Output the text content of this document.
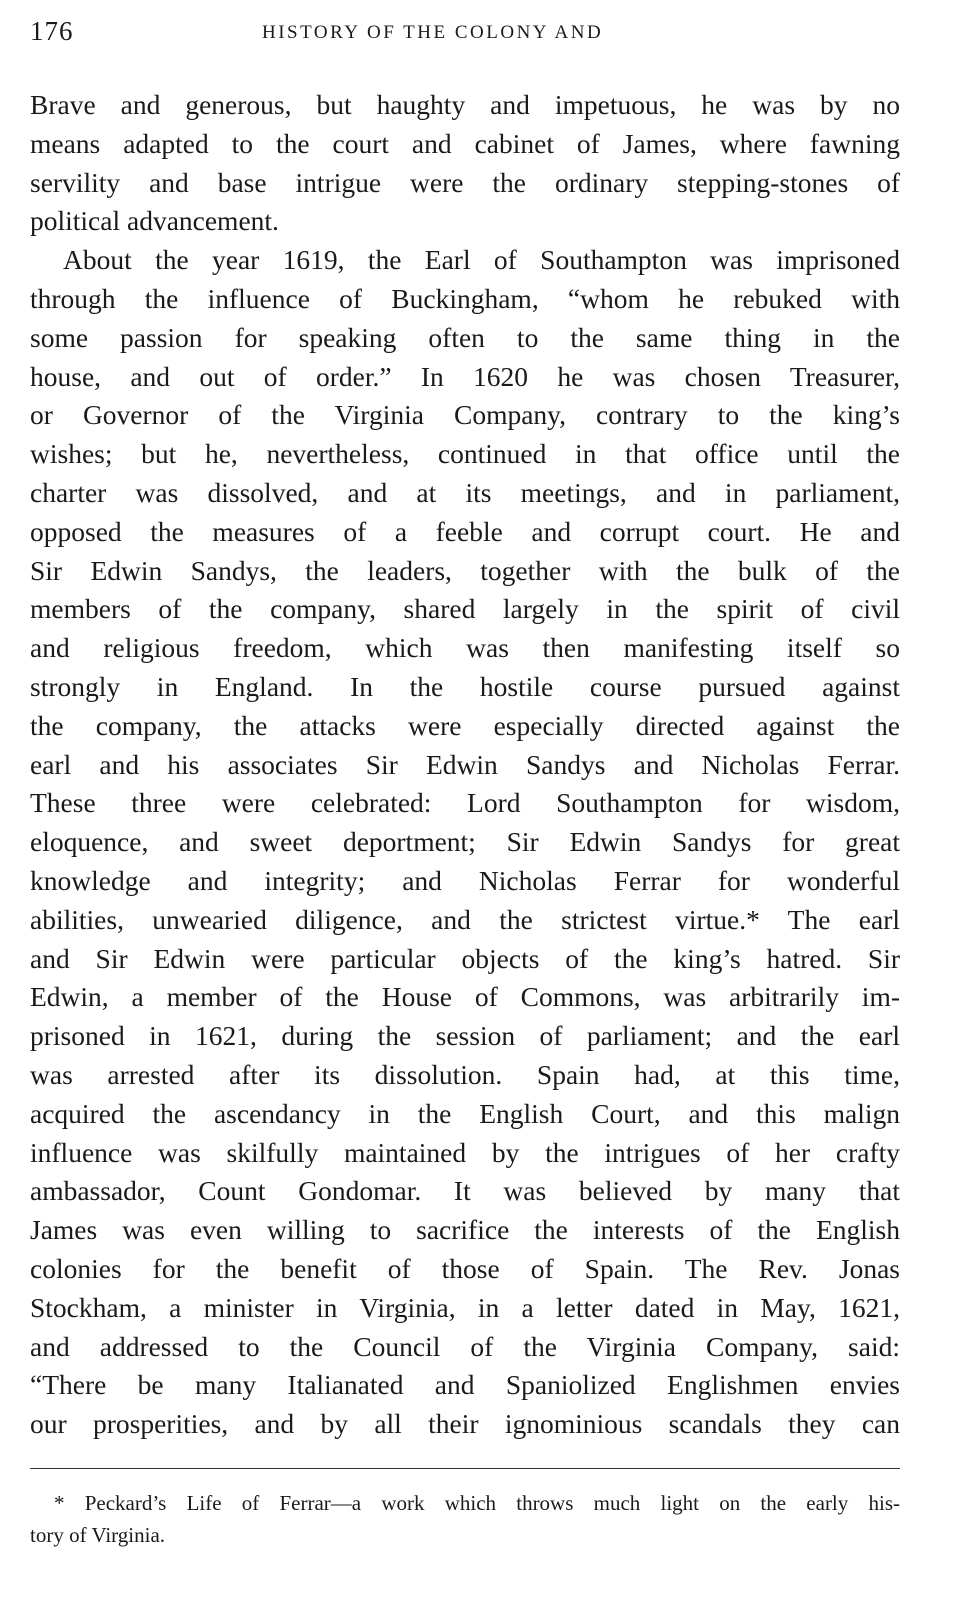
176	HISTORY OF THE COLONY AND
Brave and generous, but haughty and impetuous, he was by no
means adapted to the court and cabinet of James, where fawning
servility and base intrigue were the ordinary stepping-stones of
political advancement.
About the year 1619, the Earl of Southampton was imprisoned
through the influence of Buckingham, “whom he rebuked with
some passion for speaking often to the same thing in the
house, and out of order.” In 1620 he was chosen Treasurer,
or Governor of the Virginia Company, contrary to the king’s
wishes; but he, nevertheless, continued in that office until the
charter was dissolved, and at its meetings, and in parliament,
opposed the measures of a feeble and corrupt court. He and
Sir Edwin Sandys, the leaders, together with the bulk of the
members of the company, shared largely in the spirit of civil
and religious freedom, which was then manifesting itself so
strongly in England. In the hostile course pursued against
the company, the attacks were especially directed against the
earl and his associates Sir Edwin Sandys and Nicholas Ferrar.
These three were celebrated: Lord Southampton for wisdom,
eloquence, and sweet deportment; Sir Edwin Sandys for great
knowledge and integrity; and Nicholas Ferrar for wonderful
abilities, unwearied diligence, and the strictest virtue.* The earl
and Sir Edwin were particular objects of the king’s hatred. Sir
Edwin, a member of the House of Commons, was arbitrarily im-
prisoned in 1621, during the session of parliament; and the earl
was arrested after its dissolution. Spain had, at this time,
acquired the ascendancy in the English Court, and this malign
influence was skilfully maintained by the intrigues of her crafty
ambassador, Count Gondomar. It was believed by many that
James was even willing to sacrifice the interests of the English
colonies for the benefit of those of Spain. The Rev. Jonas
Stockham, a minister in Virginia, in a letter dated in May, 1621,
and addressed to the Council of the Virginia Company, said:
“There be many Italianated and Spaniolized Englishmen envies
our prosperities, and by all their ignominious scandals they can
* Peckard’s Life of Ferrar—a work which throws much light on the early his-
tory of Virginia.
